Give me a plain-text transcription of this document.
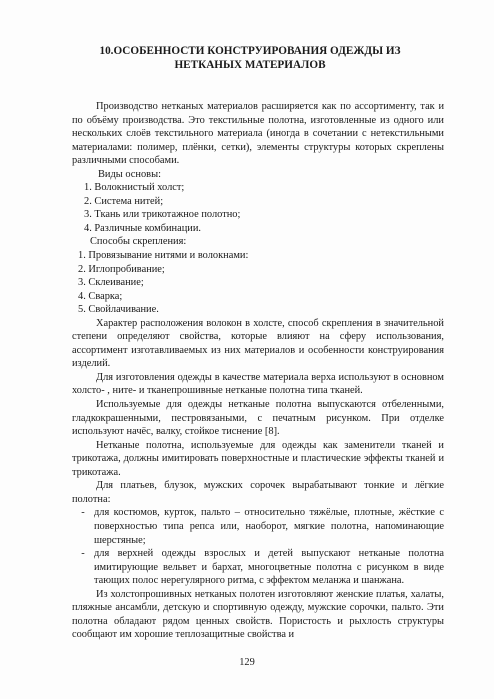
10.ОСОБЕННОСТИ КОНСТРУИРОВАНИЯ ОДЕЖДЫ ИЗ
НЕТКАНЫХ МАТЕРИАЛОВ

Производство нетканых материалов расширяется как по ассортименту, так и по объёму производства. Это текстильные полотна, изготовленные из одного или нескольких слоёв текстильного материала (иногда в сочетании с нетекстильными материалами: полимер, плёнки, сетки), элементы структуры которых скреплены различными способами.

Виды основы:

1. Волокнистый холст;

2. Система нитей;

3. Ткань или трикотажное полотно;

4. Различные комбинации.

Способы скрепления:

1. Провязывание нитями и волокнами:

2. Иглопробивание;

3. Склеивание;

4. Сварка;

5. Свойлачивание.

Характер расположения волокон в холсте, способ скрепления в значительной степени определяют свойства, которые влияют на сферу использования, ассортимент изготавливаемых из них материалов и особенности конструирования изделий.

Для изготовления одежды в качестве материала верха используют в основном холсто- , ните- и тканепрошивные нетканые полотна типа тканей.

Используемые для одежды нетканые полотна выпускаются отбеленными, гладкокрашенными, пестровязаными, с печатным рисунком. При отделке используют начёс, валку, стойкое тиснение [8].

Нетканые полотна, используемые для одежды как заменители тканей и трикотажа, должны имитировать поверхностные и пластические эффекты тканей и трикотажа.

Для платьев, блузок, мужских сорочек вырабатывают тонкие и лёгкие полотна:

- для костюмов, курток, пальто – относительно тяжёлые, плотные, жёсткие с поверхностью типа репса или, наоборот, мягкие полотна, напоминающие шерстяные;
- для верхней одежды взрослых и детей выпускают нетканые полотна имитирующие вельвет и бархат, многоцветные полотна с рисунком в виде тающих полос нерегулярного ритма, с эффектом меланжа и шанжана.

Из холстопрошивных нетканых полотен изготовляют женские платья, халаты, пляжные ансамбли, детскую и спортивную одежду, мужские сорочки, пальто. Эти полотна обладают рядом ценных свойств. Пористость и рыхлость структуры сообщают им хорошие теплозащитные свойства и

129
